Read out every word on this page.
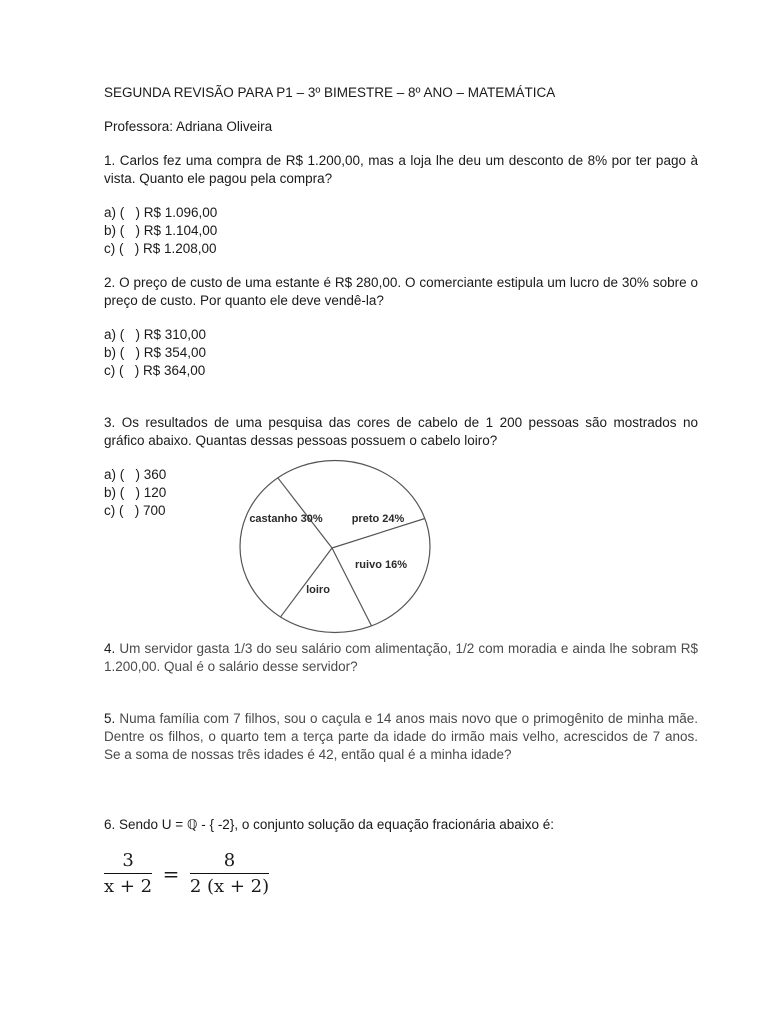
SEGUNDA REVISÃO PARA P1 – 3º BIMESTRE – 8º ANO – MATEMÁTICA

Professora: Adriana Oliveira

1. Carlos fez uma compra de R$ 1.200,00, mas a loja lhe deu um desconto de 8% por ter pago à vista. Quanto ele pagou pela compra?

a) (   ) R$ 1.096,00

b) (   ) R$ 1.104,00

c) (   ) R$ 1.208,00

2. O preço de custo de uma estante é R$ 280,00. O comerciante estipula um lucro de 30% sobre o preço de custo. Por quanto ele deve vendê-la?

a) (   ) R$ 310,00

b) (   ) R$ 354,00

c) (   ) R$ 364,00

3. Os resultados de uma pesquisa das cores de cabelo de 1 200 pessoas são mostrados no gráfico abaixo. Quantas dessas pessoas possuem o cabelo loiro?

a) (   ) 360

b) (   ) 120

c) (   ) 700

4. Um servidor gasta 1/3 do seu salário com alimentação, 1/2 com moradia e ainda lhe sobram R$ 1.200,00. Qual é o salário desse servidor?

5. Numa família com 7 filhos, sou o caçula e 14 anos mais novo que o primogênito de minha mãe. Dentre os filhos, o quarto tem a terça parte da idade do irmão mais velho, acrescidos de 7 anos. Se a soma de nossas três idades é 42, então qual é a minha idade?

6. Sendo U = ℚ - { -2}, o conjunto solução da equação fracionária abaixo é:

castanho 30%	preto 24%
ruivo 16%
loiro
$\frac{3}{x + 2} = \frac{8}{2 (x + 2)}$
